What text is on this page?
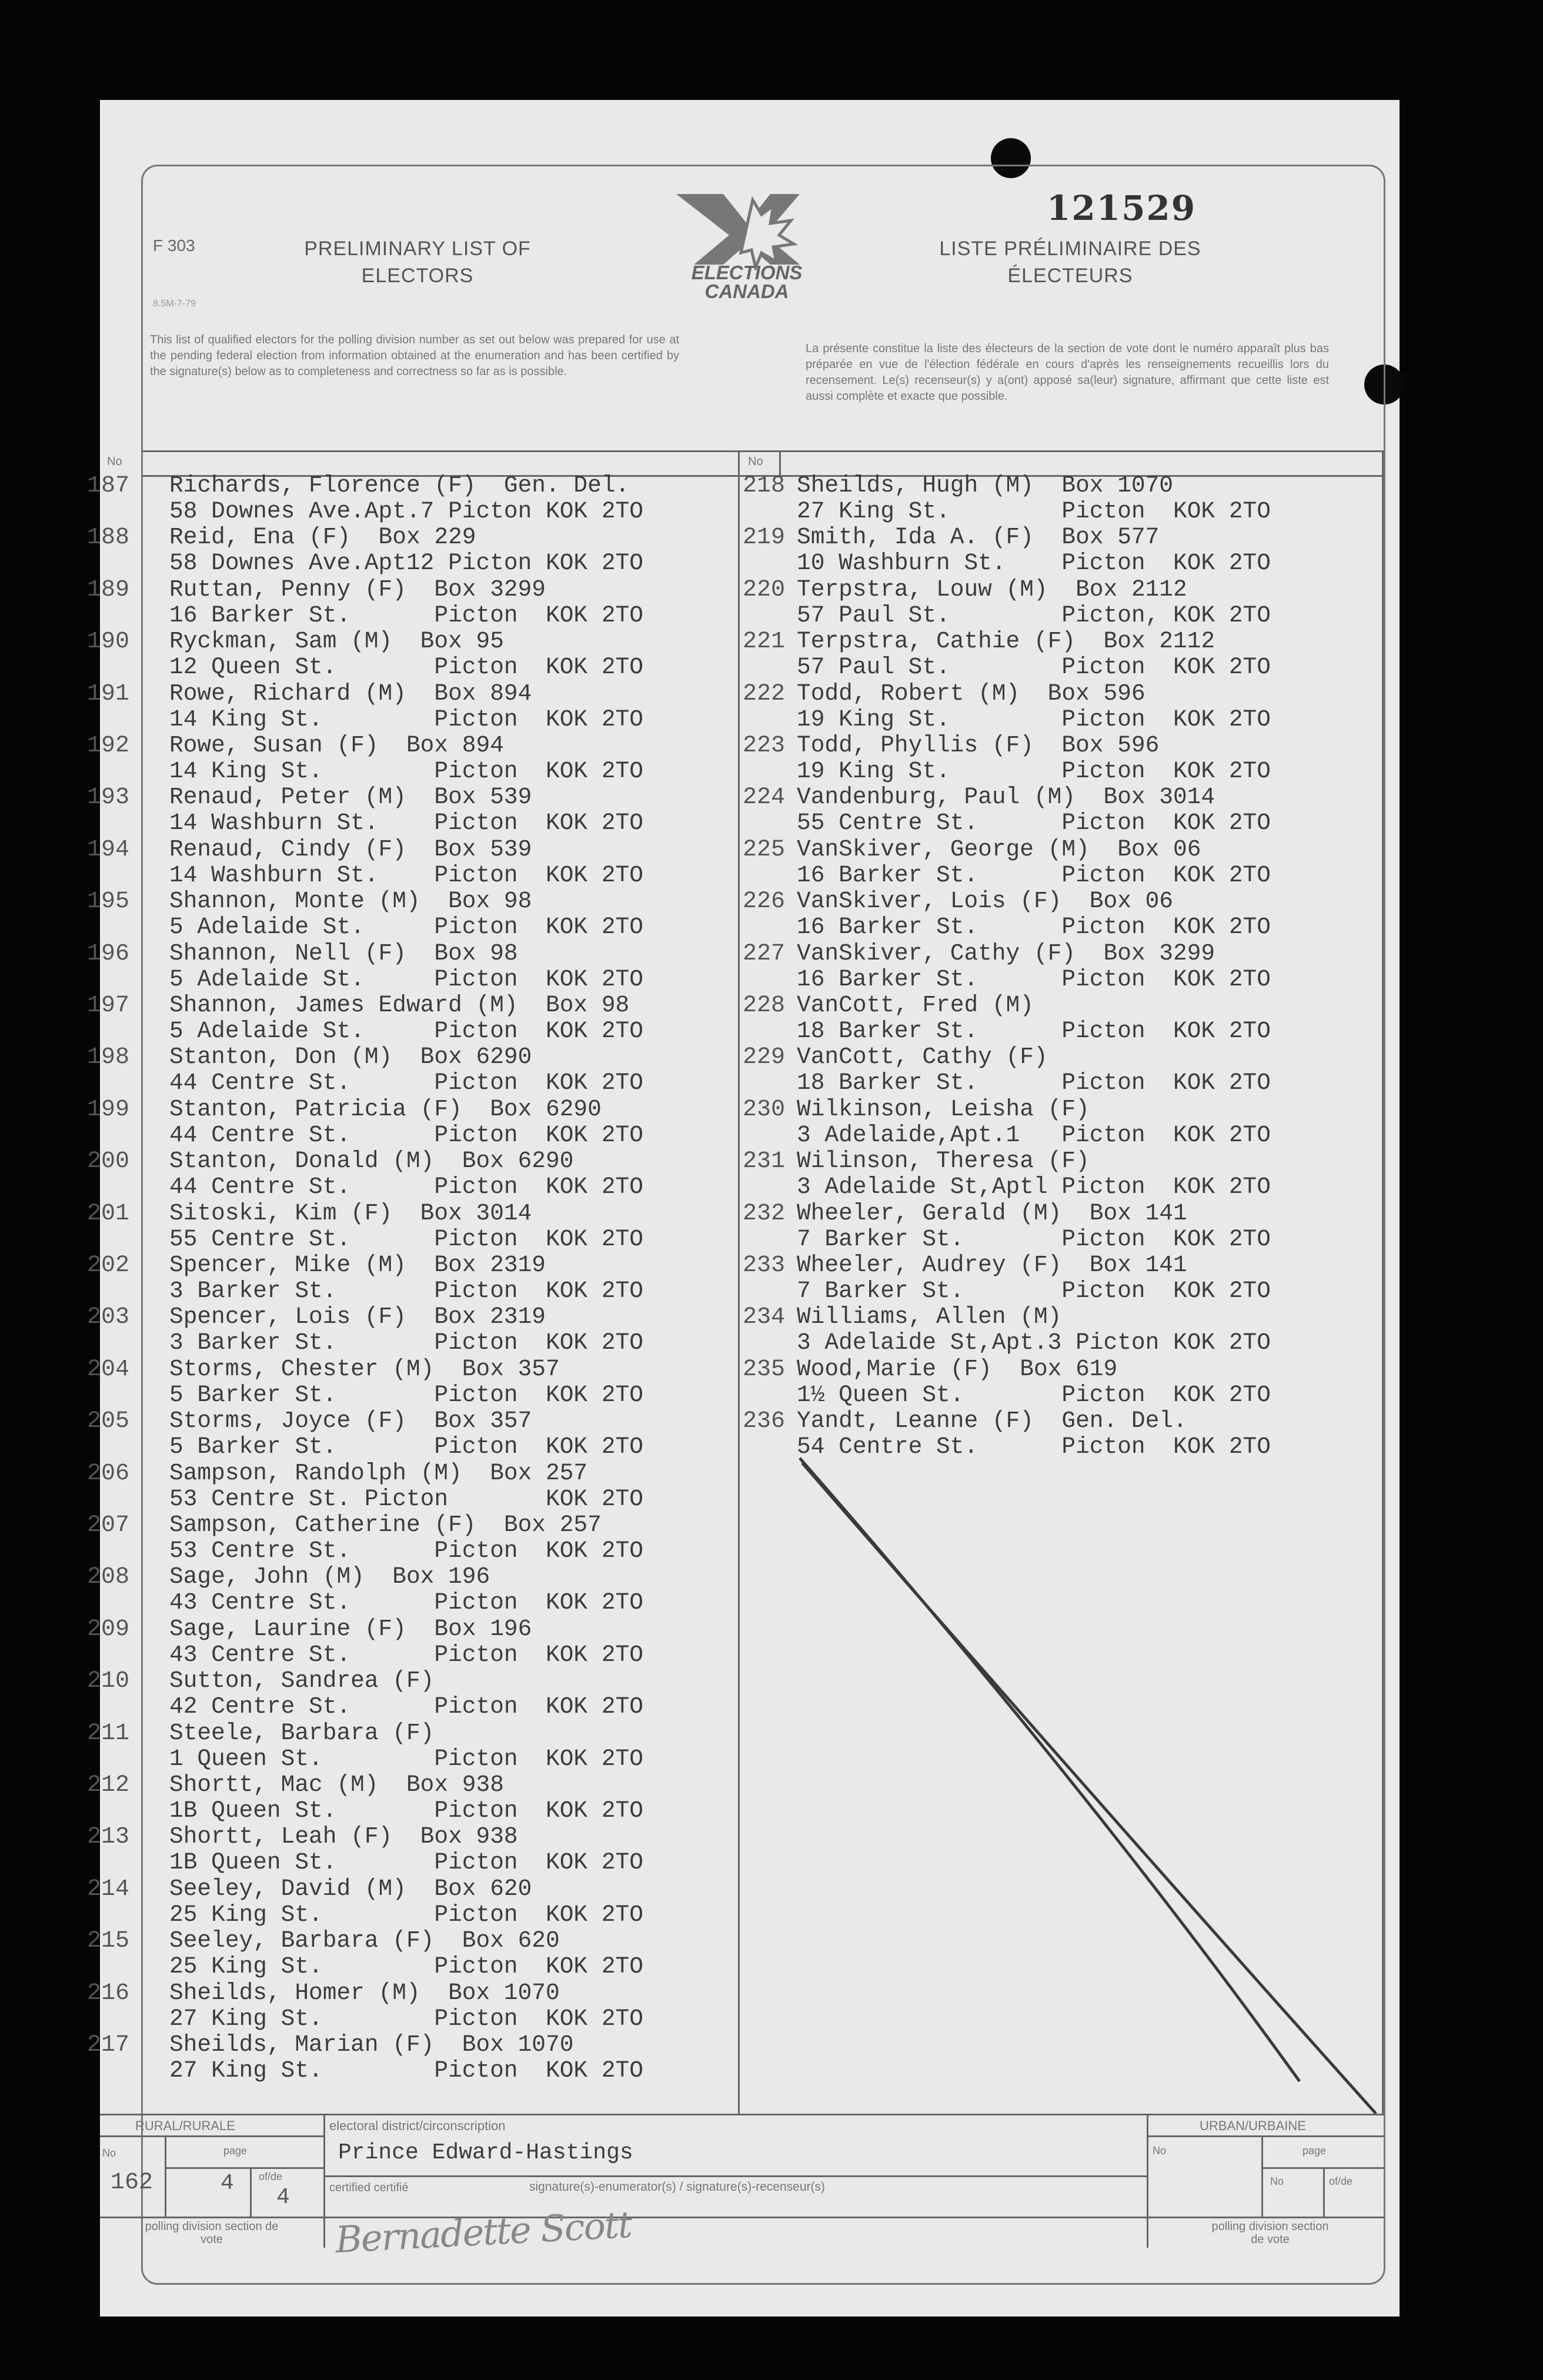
F 303
8.5M-7-79
PRELIMINARY LIST OF ELECTORS	ELECTIONS CANADA
121529
LISTE PRÉLIMINAIRE DES ÉLECTEURS
This list of qualified electors for the polling division number as set out below was prepared for use at the pending federal election from information obtained at the enumeration and has been certified by the signature(s) below as to completeness and correctness so far as is possible.
La présente constitue la liste des électeurs de la section de vote dont le numéro apparaît plus bas préparée en vue de l'élection fédérale en cours d'après les renseignements recueillis lors du recensement. Le(s) recenseur(s) y a(ont) apposé sa(leur) signature, affirmant que cette liste est aussi complète et exacte que possible.
No	No
187 Richards, Florence (F)  Gen. Del.
58 Downes Ave.Apt.7 Picton KOK 2TO
188 Reid, Ena (F)  Box 229
58 Downes Ave.Apt12 Picton KOK 2TO
189 Ruttan, Penny (F)  Box 3299
16 Barker St.      Picton  KOK 2TO
190 Ryckman, Sam (M)  Box 95
12 Queen St.       Picton  KOK 2TO
191 Rowe, Richard (M)  Box 894
14 King St.        Picton  KOK 2TO
192 Rowe, Susan (F)  Box 894
14 King St.        Picton  KOK 2TO
193 Renaud, Peter (M)  Box 539
14 Washburn St.    Picton  KOK 2TO
194 Renaud, Cindy (F)  Box 539
14 Washburn St.    Picton  KOK 2TO
195 Shannon, Monte (M)  Box 98
5 Adelaide St.     Picton  KOK 2TO
196 Shannon, Nell (F)  Box 98
5 Adelaide St.     Picton  KOK 2TO
197 Shannon, James Edward (M)  Box 98
5 Adelaide St.     Picton  KOK 2TO
198 Stanton, Don (M)  Box 6290
44 Centre St.      Picton  KOK 2TO
199 Stanton, Patricia (F)  Box 6290
44 Centre St.      Picton  KOK 2TO
200 Stanton, Donald (M)  Box 6290
44 Centre St.      Picton  KOK 2TO
201 Sitoski, Kim (F)  Box 3014
55 Centre St.      Picton  KOK 2TO
202 Spencer, Mike (M)  Box 2319
3 Barker St.       Picton  KOK 2TO
203 Spencer, Lois (F)  Box 2319
3 Barker St.       Picton  KOK 2TO
204 Storms, Chester (M)  Box 357
5 Barker St.       Picton  KOK 2TO
205 Storms, Joyce (F)  Box 357
5 Barker St.       Picton  KOK 2TO
206 Sampson, Randolph (M)  Box 257
53 Centre St. Picton       KOK 2TO
207 Sampson, Catherine (F)  Box 257
53 Centre St.      Picton  KOK 2TO
208 Sage, John (M)  Box 196
43 Centre St.      Picton  KOK 2TO
209 Sage, Laurine (F)  Box 196
43 Centre St.      Picton  KOK 2TO
210 Sutton, Sandrea (F)
42 Centre St.      Picton  KOK 2TO
211 Steele, Barbara (F)
1 Queen St.        Picton  KOK 2TO
212 Shortt, Mac (M)  Box 938
1B Queen St.       Picton  KOK 2TO
213 Shortt, Leah (F)  Box 938
1B Queen St.       Picton  KOK 2TO
214 Seeley, David (M)  Box 620
25 King St.        Picton  KOK 2TO
215 Seeley, Barbara (F)  Box 620
25 King St.        Picton  KOK 2TO
216 Sheilds, Homer (M)  Box 1070
27 King St.        Picton  KOK 2TO
217 Sheilds, Marian (F)  Box 1070
27 King St.        Picton  KOK 2TO
218 Sheilds, Hugh (M)  Box 1070
27 King St.        Picton  KOK 2TO
219 Smith, Ida A. (F)  Box 577
10 Washburn St.    Picton  KOK 2TO
220 Terpstra, Louw (M)  Box 2112
57 Paul St.        Picton, KOK 2TO
221 Terpstra, Cathie (F)  Box 2112
57 Paul St.        Picton  KOK 2TO
222 Todd, Robert (M)  Box 596
19 King St.        Picton  KOK 2TO
223 Todd, Phyllis (F)  Box 596
19 King St.        Picton  KOK 2TO
224 Vandenburg, Paul (M)  Box 3014
55 Centre St.      Picton  KOK 2TO
225 VanSkiver, George (M)  Box 06
16 Barker St.      Picton  KOK 2TO
226 VanSkiver, Lois (F)  Box 06
16 Barker St.      Picton  KOK 2TO
227 VanSkiver, Cathy (F)  Box 3299
16 Barker St.      Picton  KOK 2TO
228 VanCott, Fred (M)
18 Barker St.      Picton  KOK 2TO
229 VanCott, Cathy (F)
18 Barker St.      Picton  KOK 2TO
230 Wilkinson, Leisha (F)
3 Adelaide,Apt.1   Picton  KOK 2TO
231 Wilinson, Theresa (F)
3 Adelaide St,Aptl Picton  KOK 2TO
232 Wheeler, Gerald (M)  Box 141
7 Barker St.       Picton  KOK 2TO
233 Wheeler, Audrey (F)  Box 141
7 Barker St.       Picton  KOK 2TO
234 Williams, Allen (M)
3 Adelaide St,Apt.3 Picton KOK 2TO
235 Wood,Marie (F)  Box 619
1½ Queen St.       Picton  KOK 2TO
236 Yandt, Leanne (F)  Gen. Del.
54 Centre St.      Picton  KOK 2TO
RURAL/RURALE
No	page
of/de
162	4
4
polling division section de vote
electoral district/circonscription
Prince Edward-Hastings
certified certifié	signature(s)-enumerator(s) / signature(s)-recenseur(s)
Bernadette Scott
URBAN/URBAINE
No	page
No	of/de
polling division section de vote
